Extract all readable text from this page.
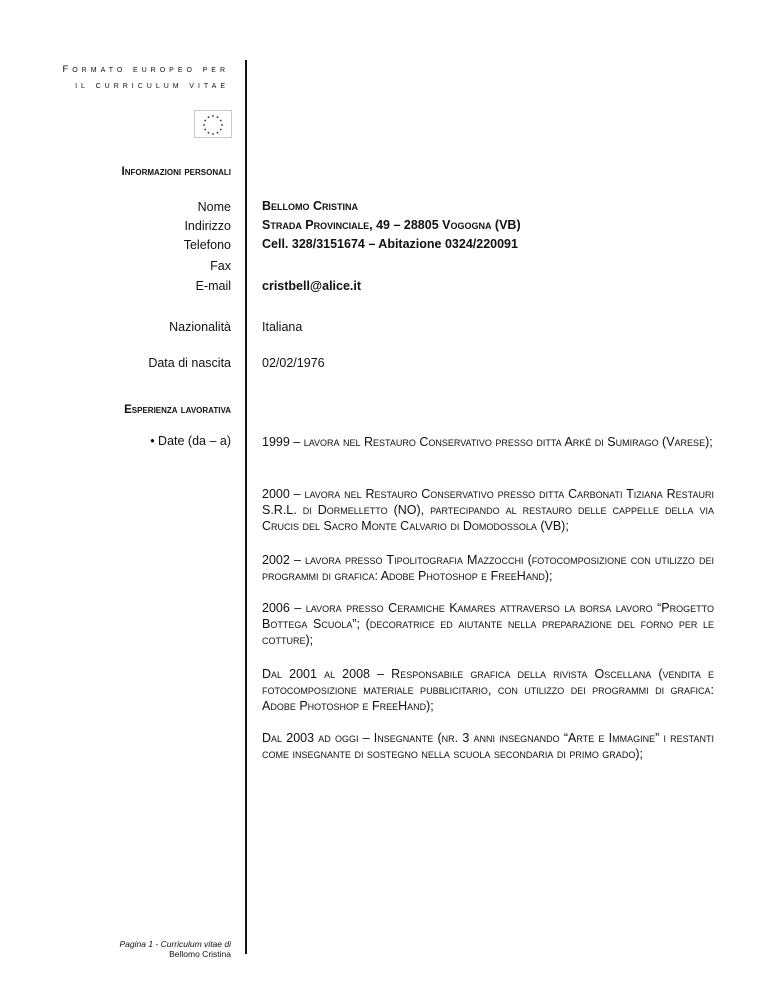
Formato europeo per
il curriculum vitae
Informazioni personali
Nome Bellomo Cristina
Indirizzo Strada Provinciale, 49 – 28805 Vogogna (VB)
Telefono Cell. 328/3151674 – Abitazione 0324/220091
Fax
E-mail cristbell@alice.it
Nazionalità Italiana
Data di nascita 02/02/1976
Esperienza lavorativa
• Date (da – a) 1999 – lavora nel Restauro Conservativo presso ditta Arké di Sumirago (Varese);
2000 – lavora nel Restauro Conservativo presso ditta Carbonati Tiziana Restauri S.R.L. di Dormelletto (NO), partecipando al restauro delle cappelle della via Crucis del Sacro Monte Calvario di Domodossola (VB);
2002 – lavora presso Tipolitografia Mazzocchi (fotocomposizione con utilizzo dei programmi di grafica: Adobe Photoshop e FreeHand);
2006 – lavora presso Ceramiche Kamares attraverso la borsa lavoro “Progetto Bottega Scuola”; (decoratrice ed aiutante nella preparazione del forno per le cotture);
Dal 2001 al 2008 – Responsabile grafica della rivista Oscellana (vendita e fotocomposizione materiale pubblicitario, con utilizzo dei programmi di grafica: Adobe Photoshop e FreeHand);
Dal 2003 ad oggi – Insegnante (nr. 3 anni insegnando “Arte e Immagine” i restanti come insegnante di sostegno nella scuola secondaria di primo grado);
Pagina 1 - Curriculum vitae di
Bellomo Cristina
